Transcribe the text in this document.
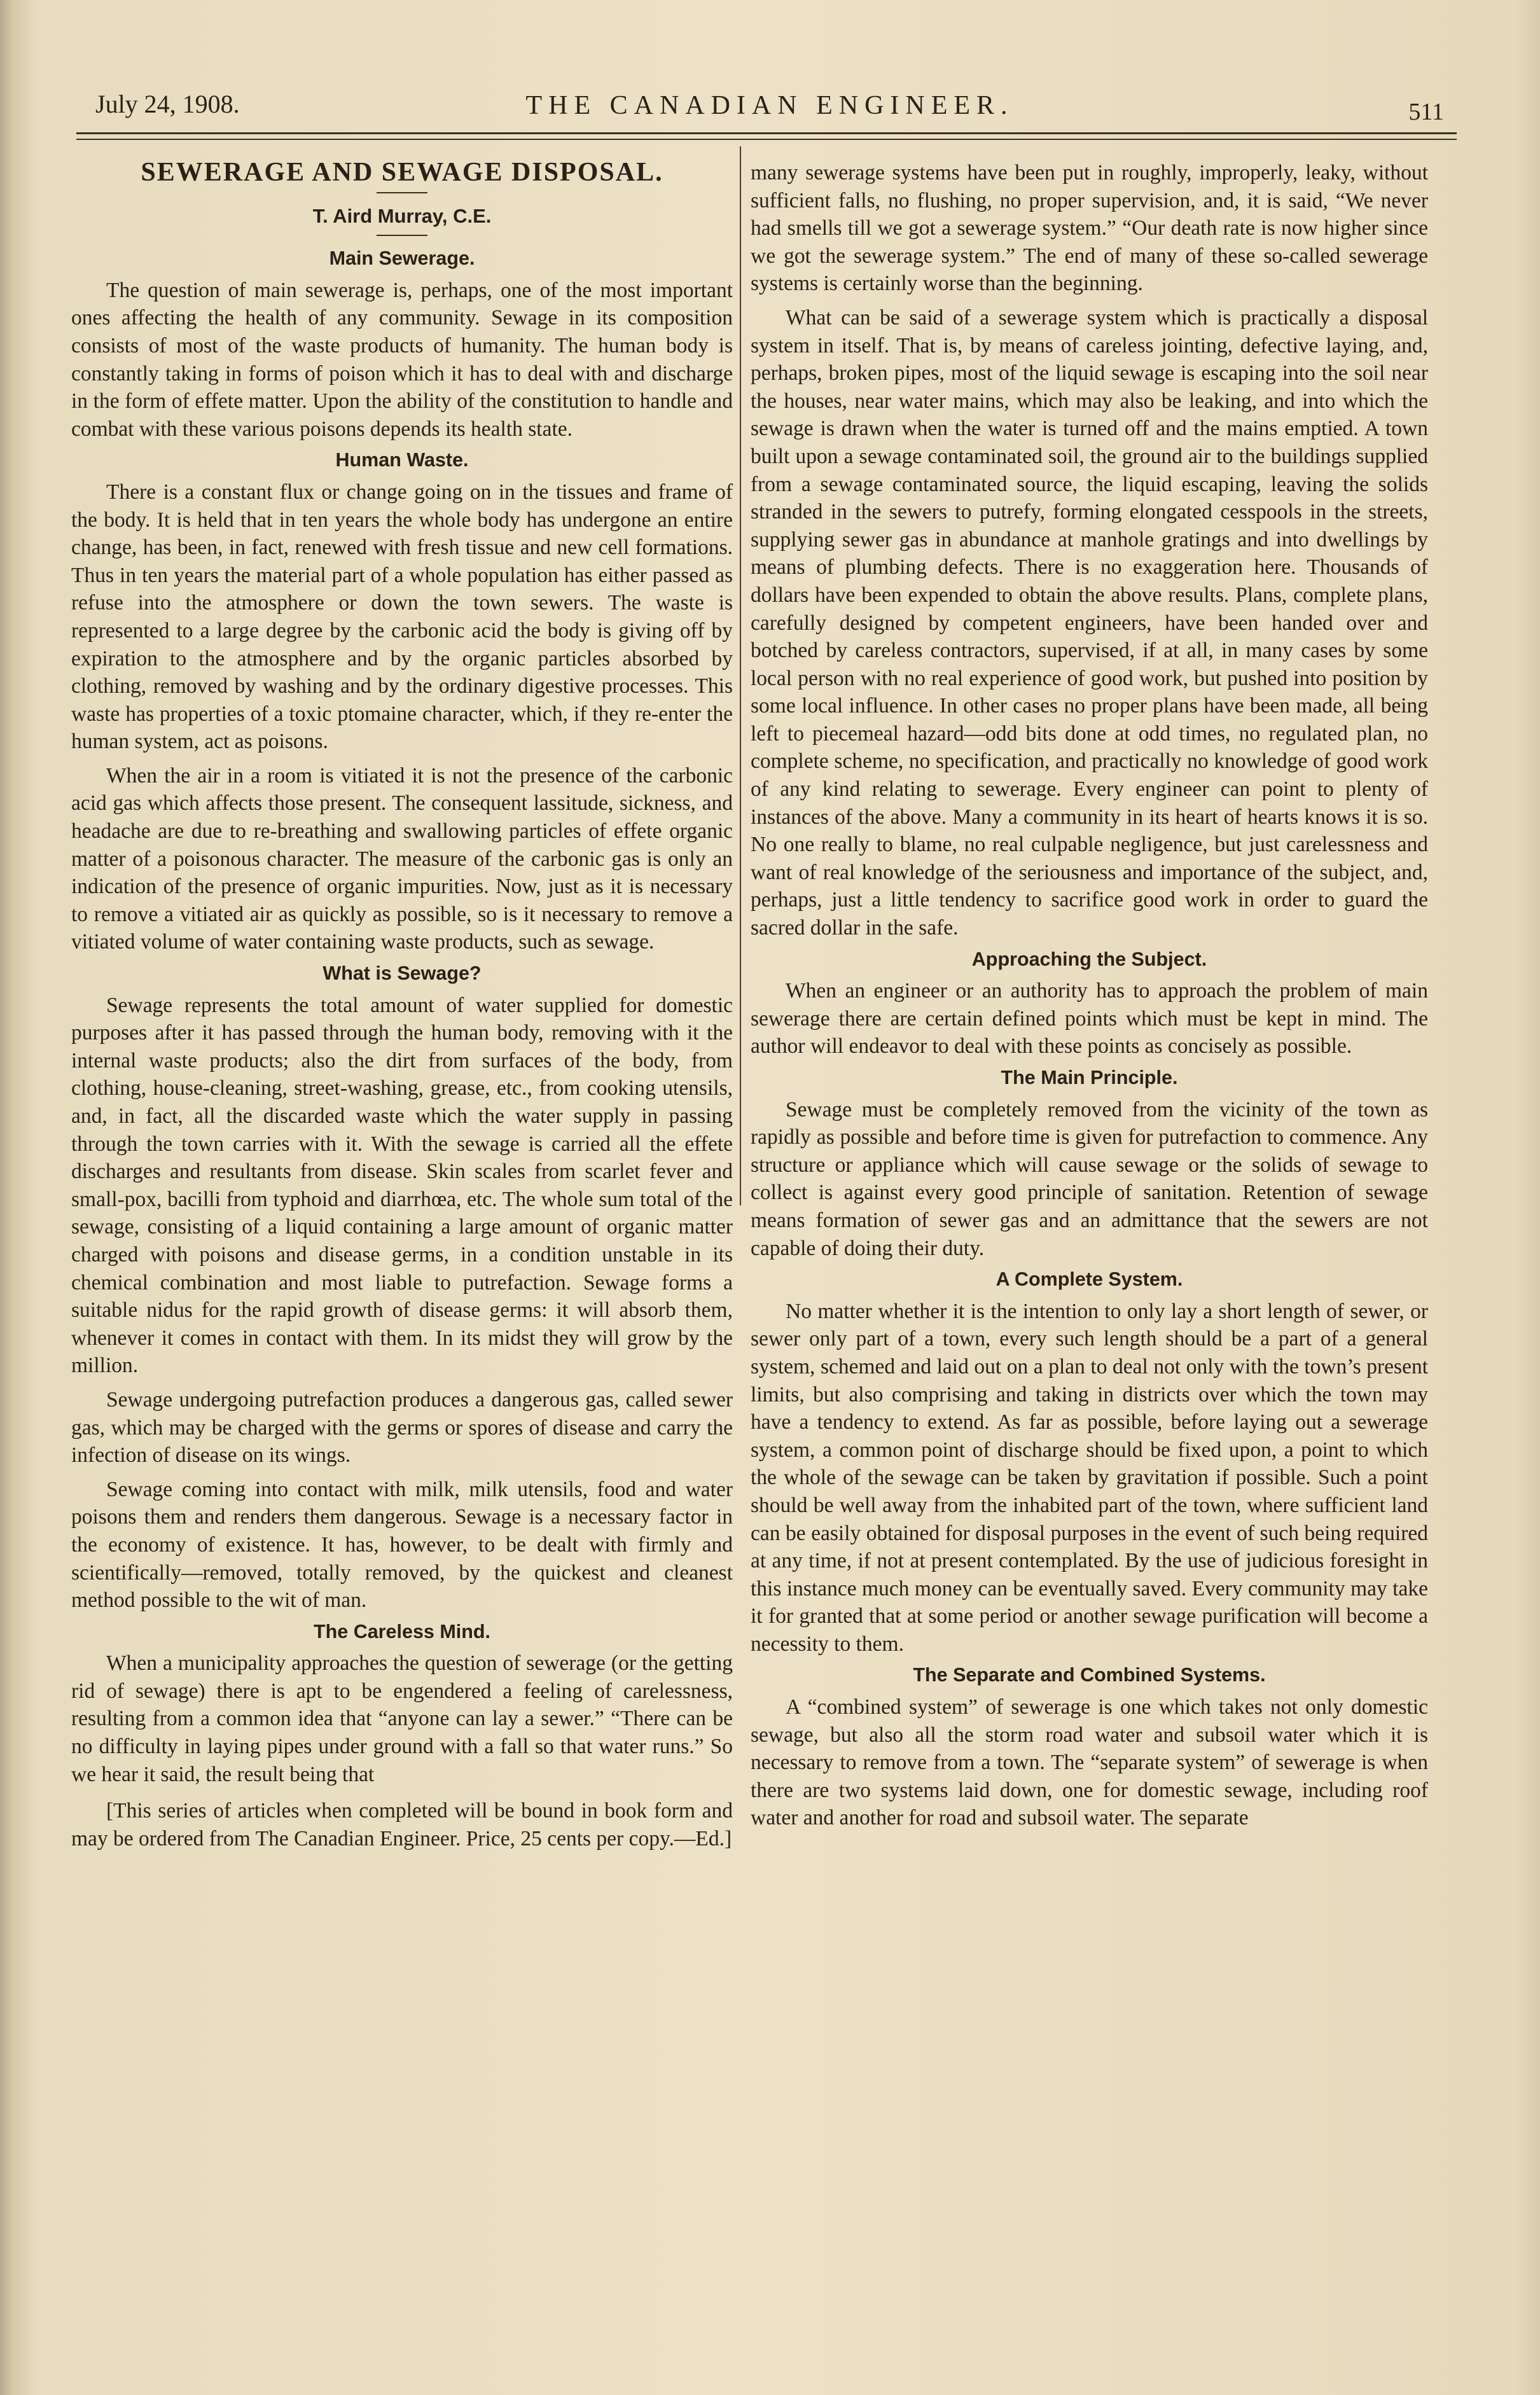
July 24, 1908.	THE CANADIAN ENGINEER.	511
SEWERAGE AND SEWAGE DISPOSAL.
T. Aird Murray, C.E.
Main Sewerage.

The question of main sewerage is, perhaps, one of the most important ones affecting the health of any community. Sewage in its composition consists of most of the waste products of humanity. The human body is constantly taking in forms of poison which it has to deal with and discharge in the form of effete matter. Upon the ability of the constitution to handle and combat with these various poisons depends its health state.

Human Waste.

There is a constant flux or change going on in the tissues and frame of the body. It is held that in ten years the whole body has undergone an entire change, has been, in fact, renewed with fresh tissue and new cell formations. Thus in ten years the material part of a whole population has either passed as refuse into the atmosphere or down the town sewers. The waste is represented to a large degree by the carbonic acid the body is giving off by expiration to the atmosphere and by the organic particles absorbed by clothing, removed by washing and by the ordinary digestive processes. This waste has properties of a toxic ptomaine character, which, if they re-enter the human system, act as poisons.

When the air in a room is vitiated it is not the presence of the carbonic acid gas which affects those present. The consequent lassitude, sickness, and headache are due to re-breathing and swallowing particles of effete organic matter of a poisonous character. The measure of the carbonic gas is only an indication of the presence of organic impurities. Now, just as it is necessary to remove a vitiated air as quickly as possible, so is it necessary to remove a vitiated volume of water containing waste products, such as sewage.

What is Sewage?

Sewage represents the total amount of water supplied for domestic purposes after it has passed through the human body, removing with it the internal waste products; also the dirt from surfaces of the body, from clothing, house-cleaning, street-washing, grease, etc., from cooking utensils, and, in fact, all the discarded waste which the water supply in passing through the town carries with it. With the sewage is carried all the effete discharges and resultants from disease. Skin scales from scarlet fever and small-pox, bacilli from typhoid and diarrhœa, etc. The whole sum total of the sewage, consisting of a liquid containing a large amount of organic matter charged with poisons and disease germs, in a condition unstable in its chemical combination and most liable to putrefaction. Sewage forms a suitable nidus for the rapid growth of disease germs: it will absorb them, whenever it comes in contact with them. In its midst they will grow by the million.

Sewage undergoing putrefaction produces a dangerous gas, called sewer gas, which may be charged with the germs or spores of disease and carry the infection of disease on its wings.

Sewage coming into contact with milk, milk utensils, food and water poisons them and renders them dangerous. Sewage is a necessary factor in the economy of existence. It has, however, to be dealt with firmly and scientifically—removed, totally removed, by the quickest and cleanest method possible to the wit of man.

The Careless Mind.

When a municipality approaches the question of sewerage (or the getting rid of sewage) there is apt to be engendered a feeling of carelessness, resulting from a common idea that “anyone can lay a sewer.” “There can be no difficulty in laying pipes under ground with a fall so that water runs.” So we hear it said, the result being that

[This series of articles when completed will be bound in book form and may be ordered from The Canadian Engineer. Price, 25 cents per copy.—Ed.]

many sewerage systems have been put in roughly, improperly, leaky, without sufficient falls, no flushing, no proper supervision, and, it is said, “We never had smells till we got a sewerage system.” “Our death rate is now higher since we got the sewerage system.” The end of many of these so-called sewerage systems is certainly worse than the beginning.

What can be said of a sewerage system which is practically a disposal system in itself. That is, by means of careless jointing, defective laying, and, perhaps, broken pipes, most of the liquid sewage is escaping into the soil near the houses, near water mains, which may also be leaking, and into which the sewage is drawn when the water is turned off and the mains emptied. A town built upon a sewage contaminated soil, the ground air to the buildings supplied from a sewage contaminated source, the liquid escaping, leaving the solids stranded in the sewers to putrefy, forming elongated cesspools in the streets, supplying sewer gas in abundance at manhole gratings and into dwellings by means of plumbing defects. There is no exaggeration here. Thousands of dollars have been expended to obtain the above results. Plans, complete plans, carefully designed by competent engineers, have been handed over and botched by careless contractors, supervised, if at all, in many cases by some local person with no real experience of good work, but pushed into position by some local influence. In other cases no proper plans have been made, all being left to piecemeal hazard—odd bits done at odd times, no regulated plan, no complete scheme, no specification, and practically no knowledge of good work of any kind relating to sewerage. Every engineer can point to plenty of instances of the above. Many a community in its heart of hearts knows it is so. No one really to blame, no real culpable negligence, but just carelessness and want of real knowledge of the seriousness and importance of the subject, and, perhaps, just a little tendency to sacrifice good work in order to guard the sacred dollar in the safe.

Approaching the Subject.

When an engineer or an authority has to approach the problem of main sewerage there are certain defined points which must be kept in mind. The author will endeavor to deal with these points as concisely as possible.

The Main Principle.

Sewage must be completely removed from the vicinity of the town as rapidly as possible and before time is given for putrefaction to commence. Any structure or appliance which will cause sewage or the solids of sewage to collect is against every good principle of sanitation. Retention of sewage means formation of sewer gas and an admittance that the sewers are not capable of doing their duty.

A Complete System.

No matter whether it is the intention to only lay a short length of sewer, or sewer only part of a town, every such length should be a part of a general system, schemed and laid out on a plan to deal not only with the town’s present limits, but also comprising and taking in districts over which the town may have a tendency to extend. As far as possible, before laying out a sewerage system, a common point of discharge should be fixed upon, a point to which the whole of the sewage can be taken by gravitation if possible. Such a point should be well away from the inhabited part of the town, where sufficient land can be easily obtained for disposal purposes in the event of such being required at any time, if not at present contemplated. By the use of judicious foresight in this instance much money can be eventually saved. Every community may take it for granted that at some period or another sewage purification will become a necessity to them.

The Separate and Combined Systems.

A “combined system” of sewerage is one which takes not only domestic sewage, but also all the storm road water and subsoil water which it is necessary to remove from a town. The “separate system” of sewerage is when there are two systems laid down, one for domestic sewage, including roof water and another for road and subsoil water. The separate
